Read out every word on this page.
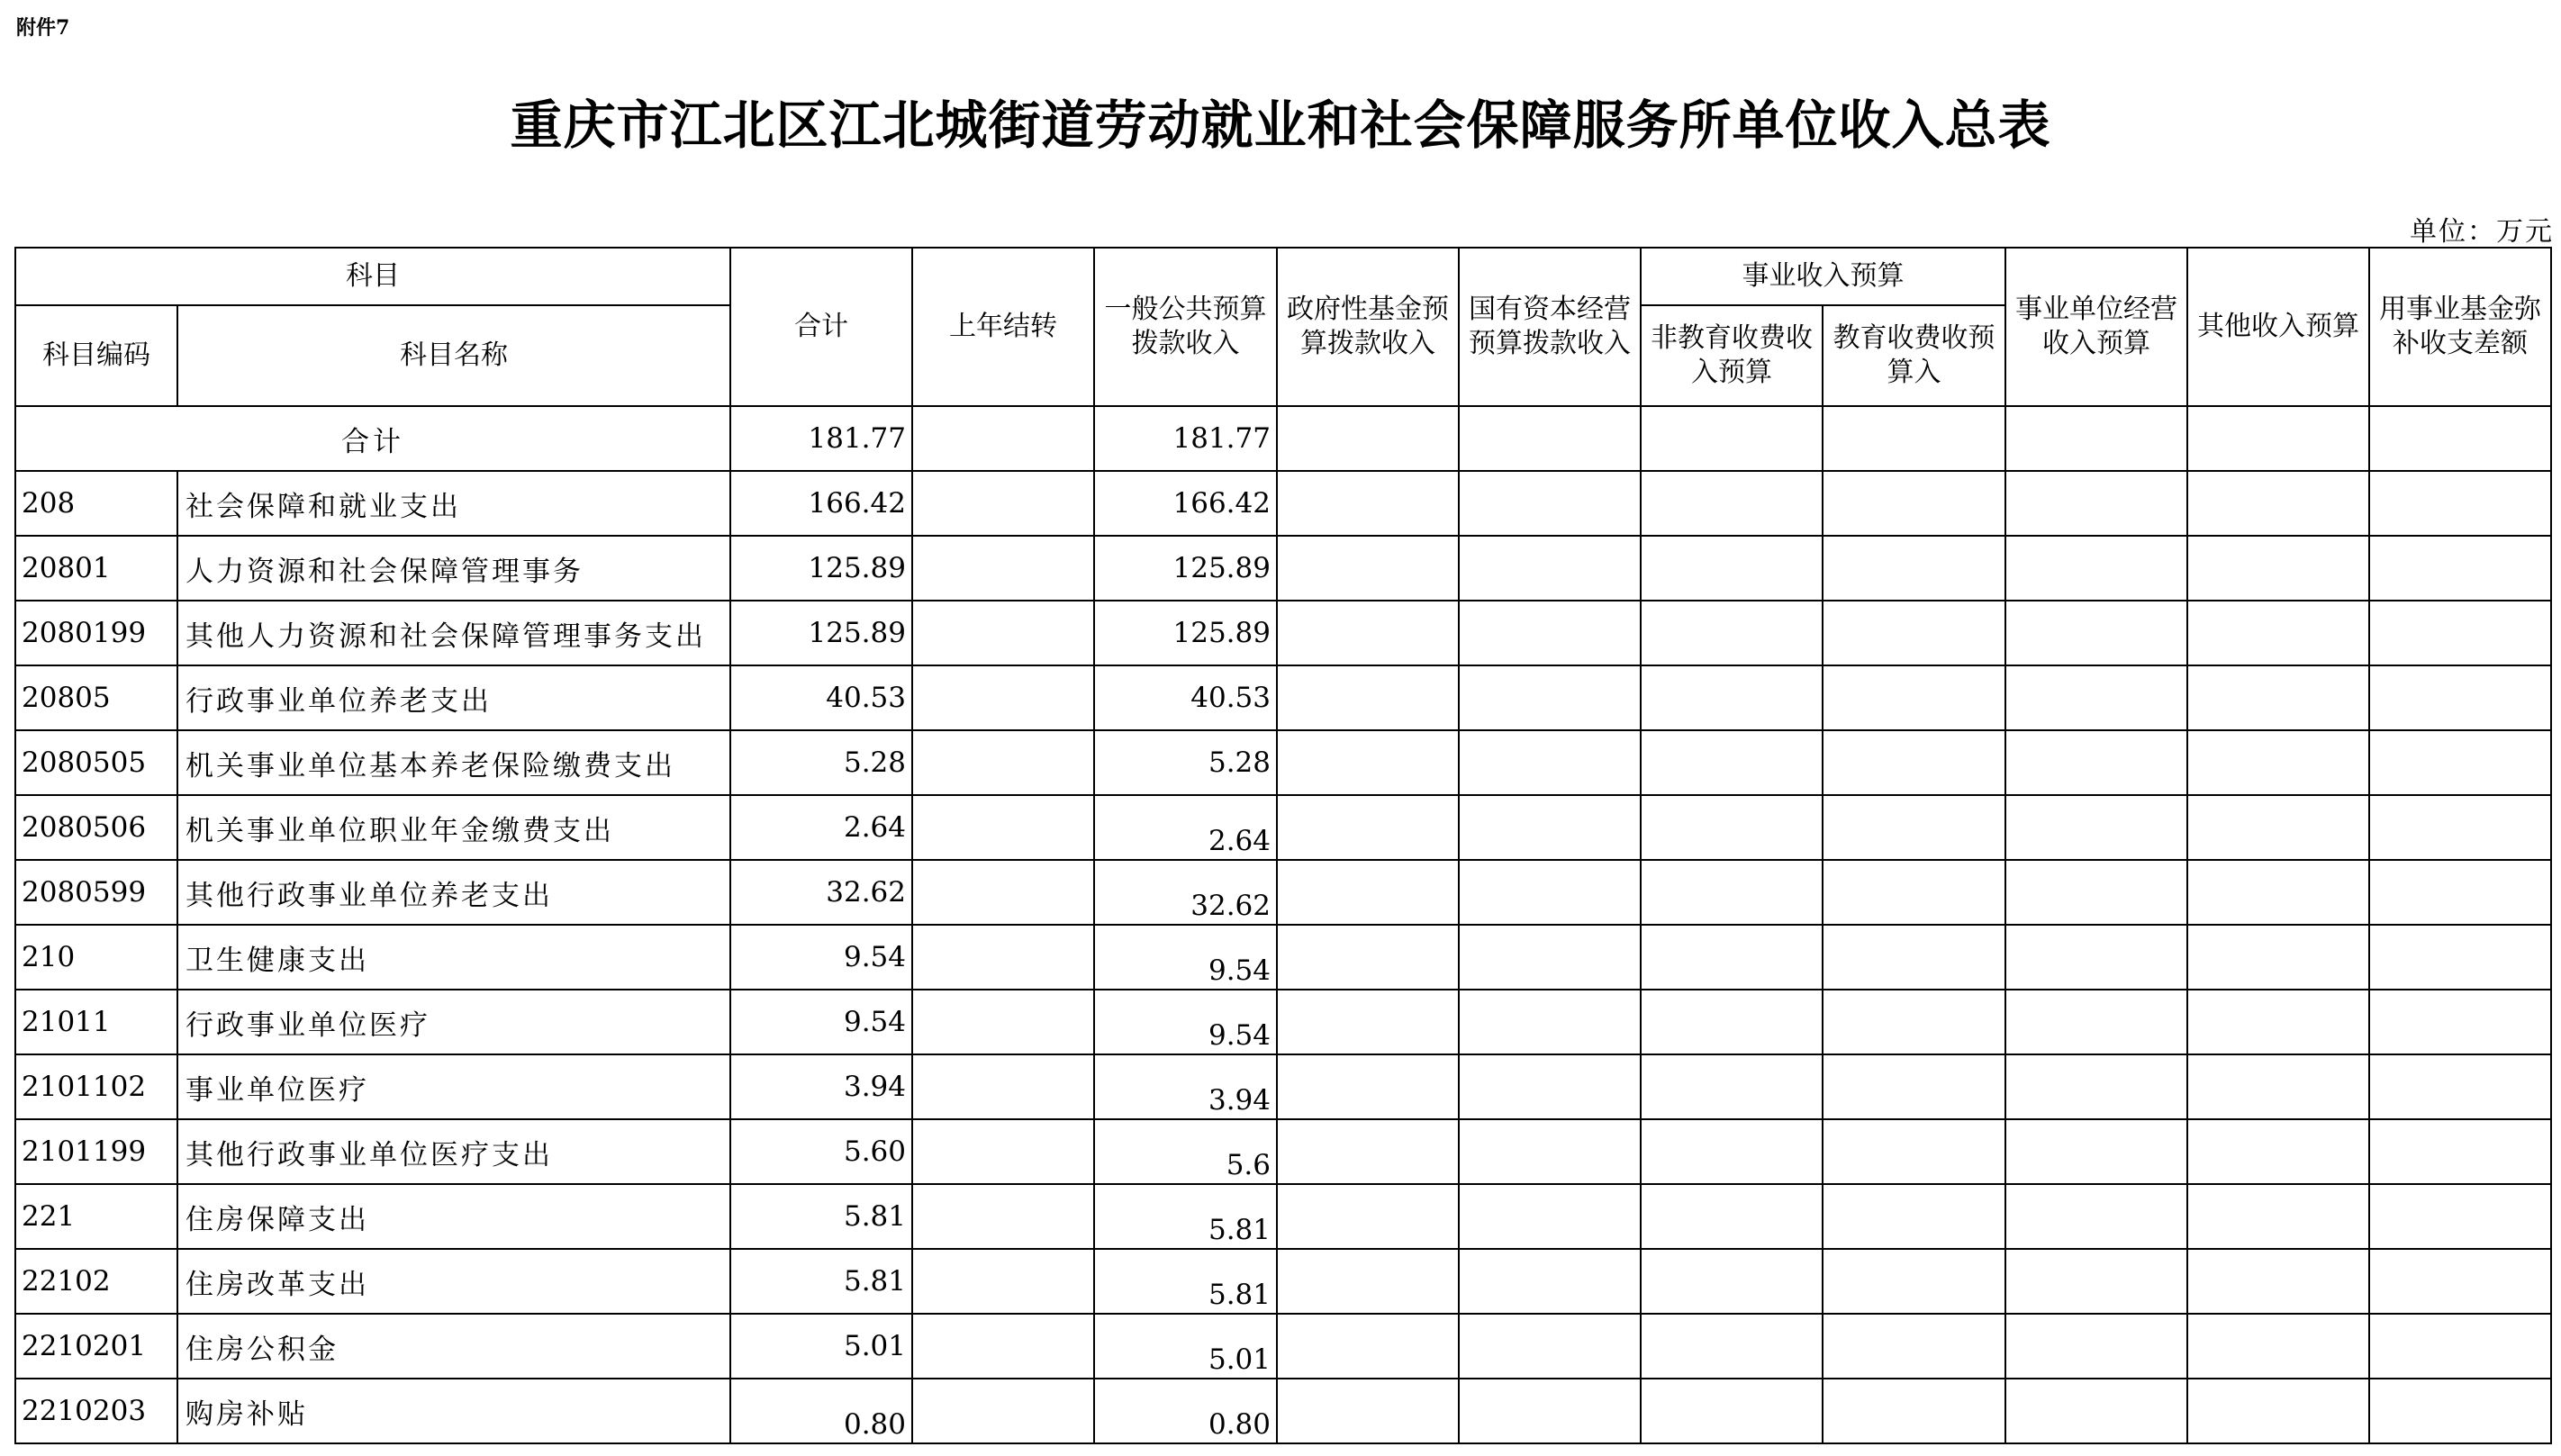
附件7
重庆市江北区江北城街道劳动就业和社会保障服务所单位收入总表
单位：万元
科目		合计	上年结转	一般公共预算拨款收入	政府性基金预算拨款收入	国有资本经营预算拨款收入	事业收入预算		事业单位经营收入预算	其他收入预算	用事业基金弥补收支差额
科目编码	科目名称						非教育收费收入预算	教育收费收预算入			
合计		181.77		181.77							
208	社会保障和就业支出	166.42		166.42							
20801	人力资源和社会保障管理事务	125.89		125.89							
2080199	其他人力资源和社会保障管理事务支出	125.89		125.89							
20805	行政事业单位养老支出	40.53		40.53							
2080505	机关事业单位基本养老保险缴费支出	5.28		5.28							
2080506	机关事业单位职业年金缴费支出	2.64		2.64							
2080599	其他行政事业单位养老支出	32.62		32.62							
210	卫生健康支出	9.54		9.54							
21011	行政事业单位医疗	9.54		9.54							
2101102	事业单位医疗	3.94		3.94							
2101199	其他行政事业单位医疗支出	5.60		5.6							
221	住房保障支出	5.81		5.81							
22102	住房改革支出	5.81		5.81							
2210201	住房公积金	5.01		5.01							
2210203	购房补贴	0.80		0.80							
